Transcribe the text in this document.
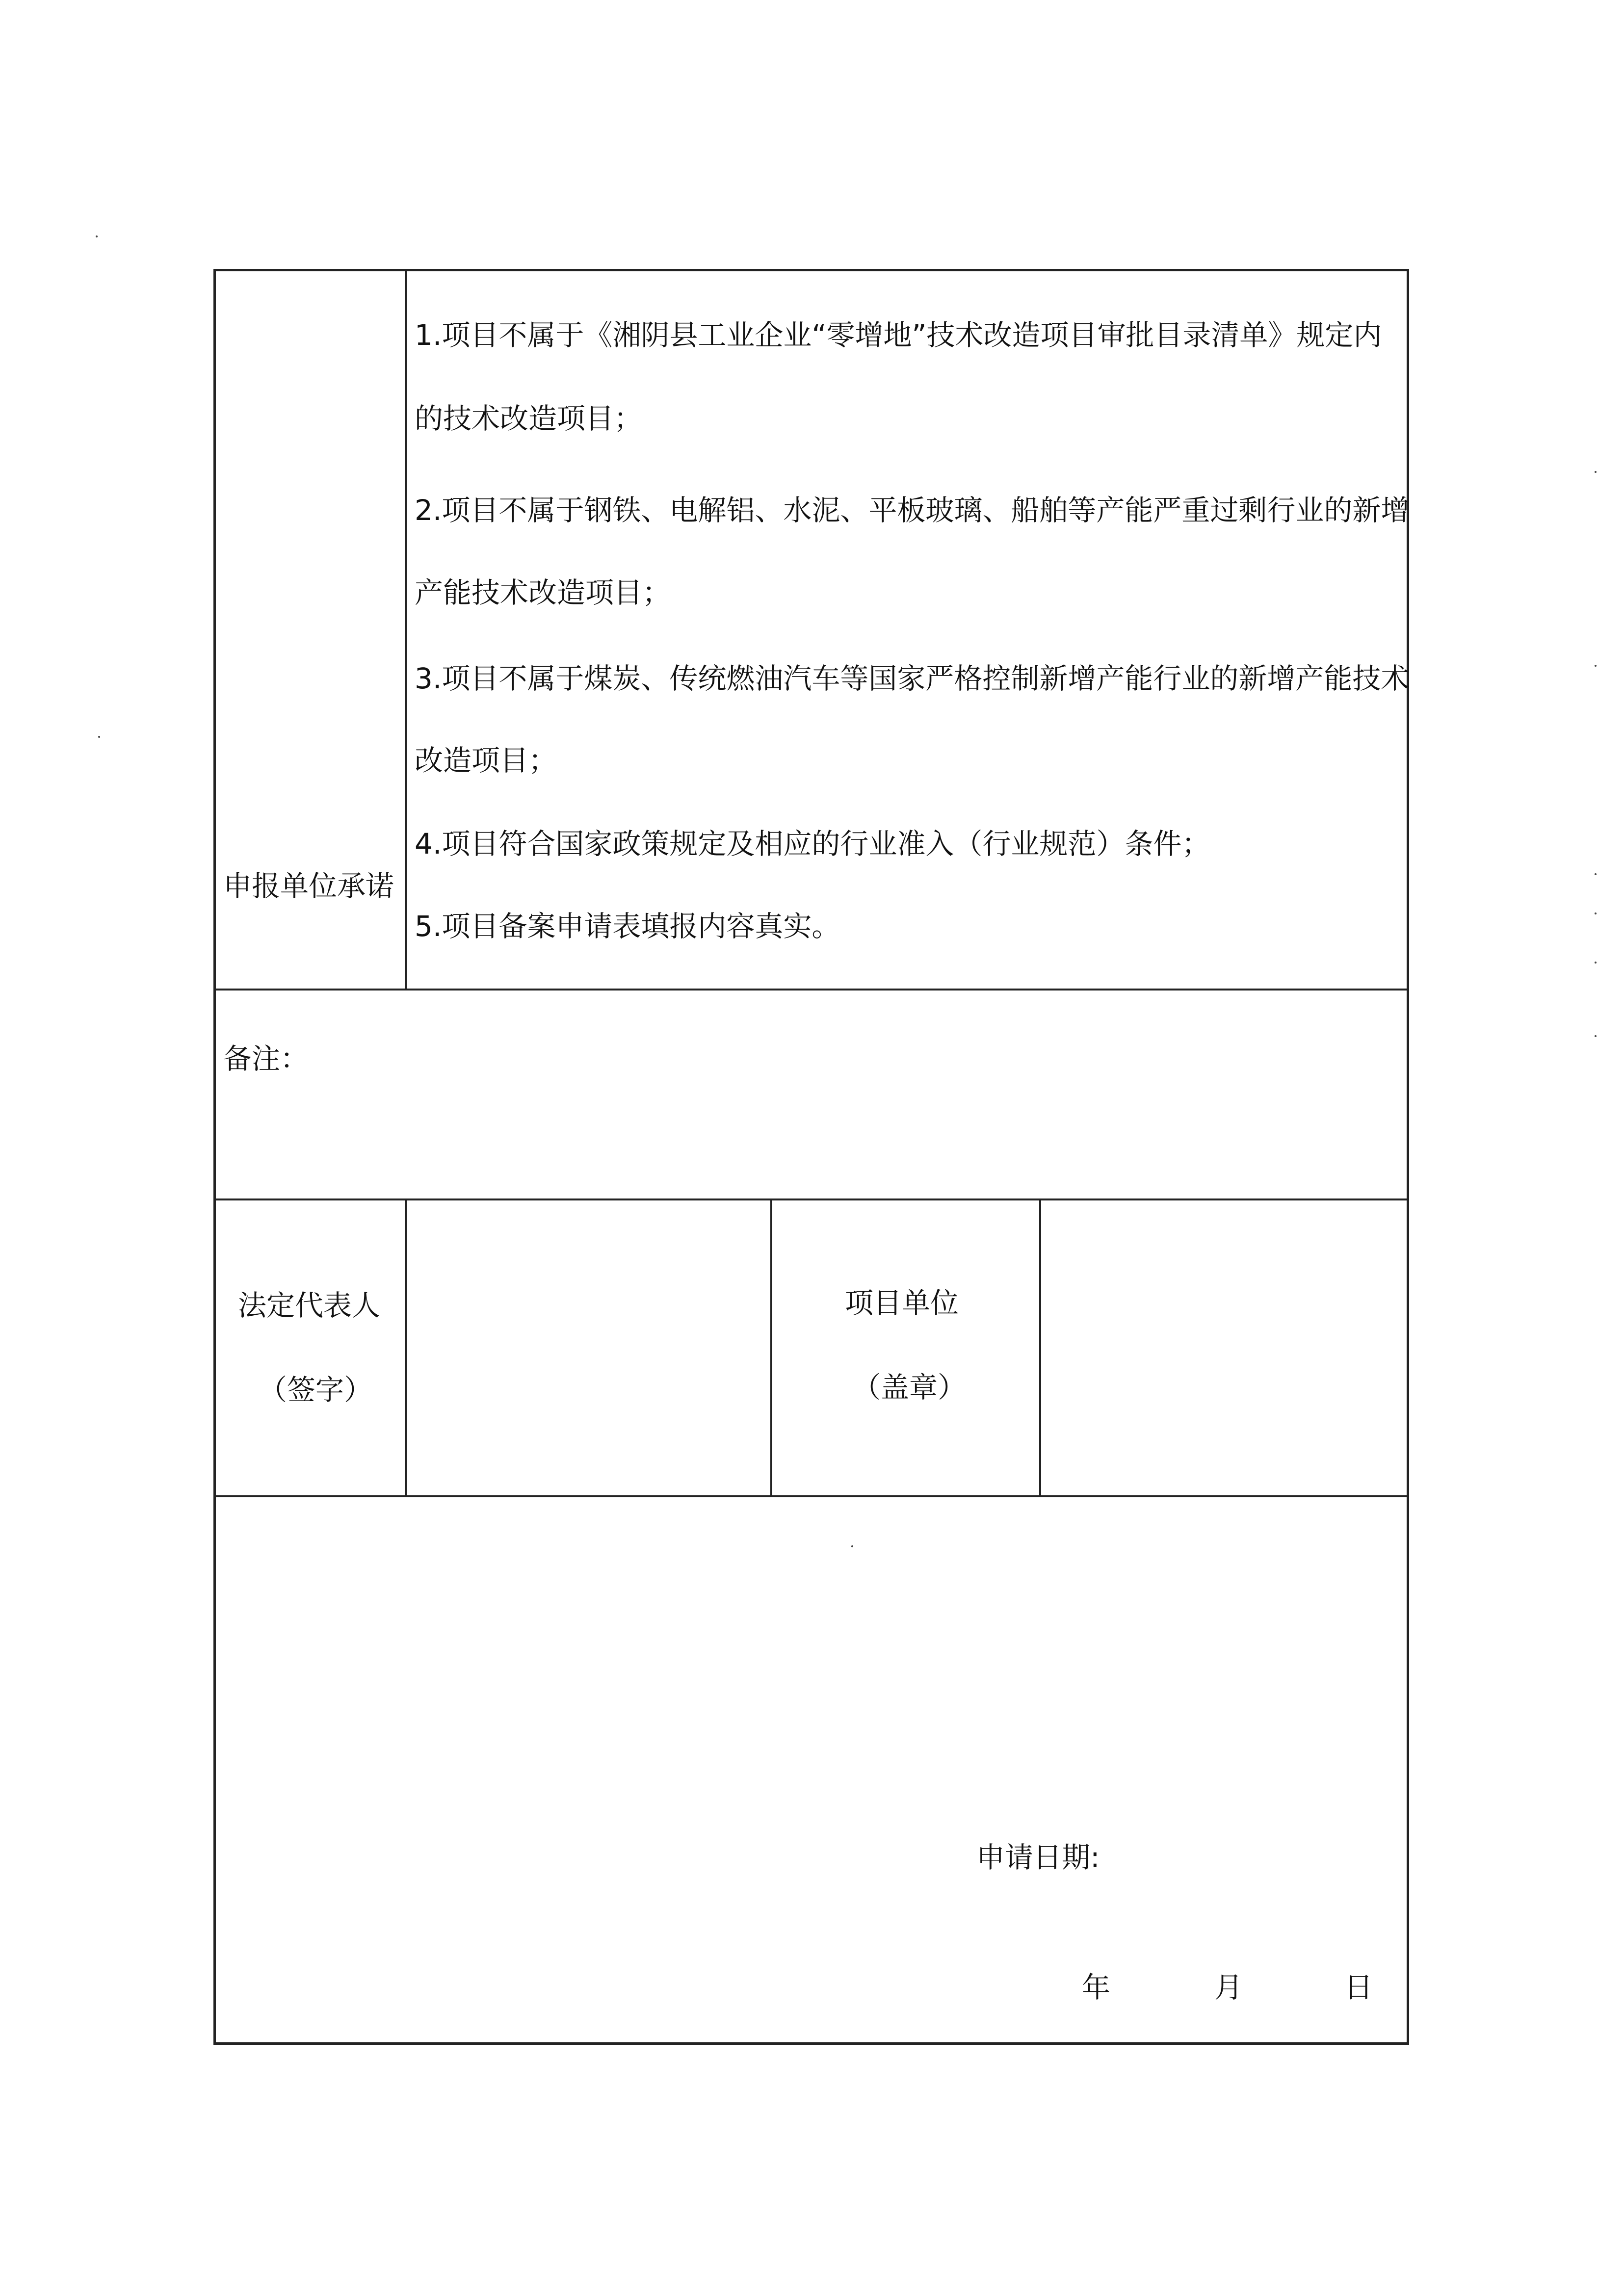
申报单位承诺
1.项目不属于《湘阴县工业企业“零增地”技术改造项目审批目录清单》规定内
的技术改造项目；
2.项目不属于钢铁、电解铝、水泥、平板玻璃、船舶等产能严重过剩行业的新增
产能技术改造项目；
3.项目不属于煤炭、传统燃油汽车等国家严格控制新增产能行业的新增产能技术
改造项目；
4.项目符合国家政策规定及相应的行业准入（行业规范）条件；
5.项目备案申请表填报内容真实。
备注：
法定代表人
（签字）
项目单位
（盖章）
申请日期:
年	月	日
